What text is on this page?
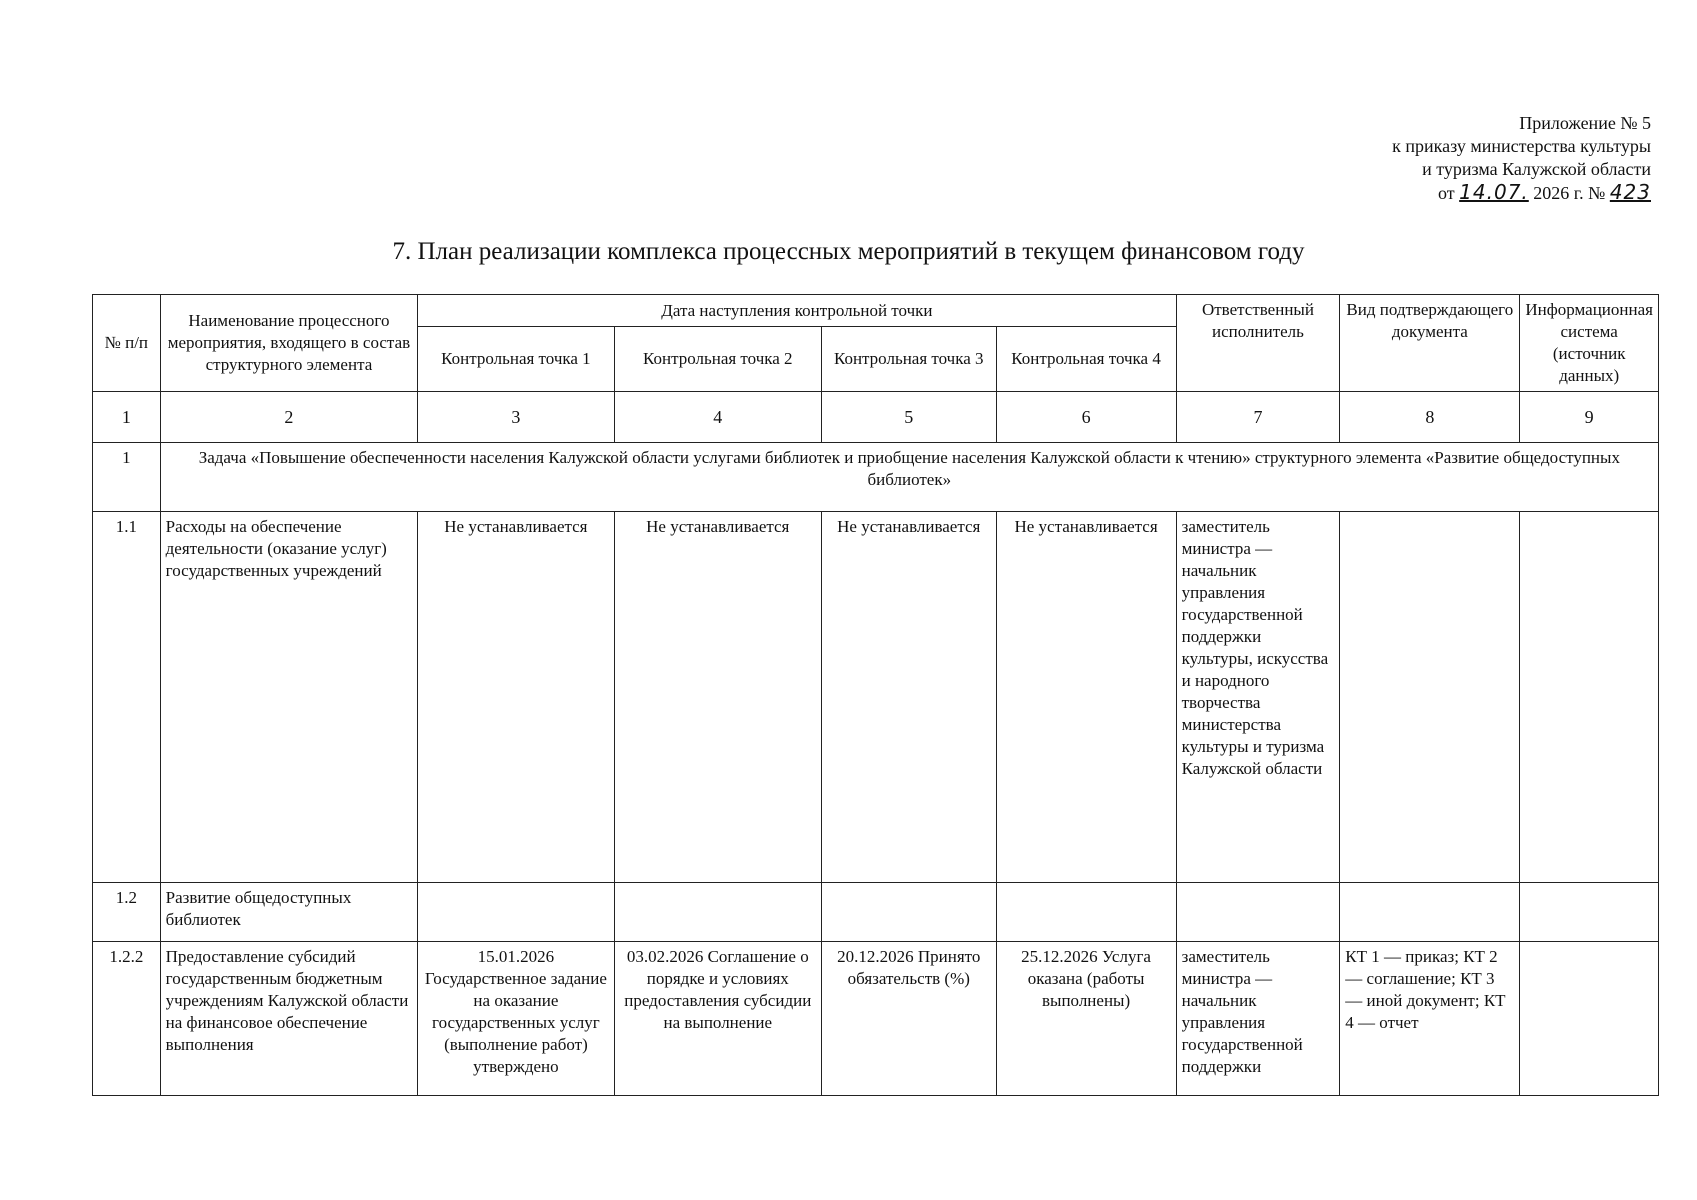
Приложение № 5
к приказу министерства культуры
и туризма Калужской области
от 14.07. 2026 г. № 423
7. План реализации комплекса процессных мероприятий в текущем финансовом году
№ п/п	Наименование процессного мероприятия, входящего в состав структурного элемента	Дата наступления контрольной точки				Ответственный исполнитель	Вид подтверждающего документа	Информационная система (источник данных)
		Контрольная точка 1	Контрольная точка 2	Контрольная точка 3	Контрольная точка 4			
1	2	3	4	5	6	7	8	9
1	Задача «Повышение обеспеченности населения Калужской области услугами библиотек и приобщение населения Калужской области к чтению» структурного элемента «Развитие общедоступных библиотек»							
1.1	Расходы на обеспечение деятельности (оказание услуг) государственных учреждений	Не устанавливается	Не устанавливается	Не устанавливается	Не устанавливается	заместитель министра — начальник управления государственной поддержки культуры, искусства и народного творчества министерства культуры и туризма Калужской области		
1.2	Развитие общедоступных библиотек							
1.2.2	Предоставление субсидий государственным бюджетным учреждениям Калужской области на финансовое обеспечение выполнения	15.01.2026 Государственное задание на оказание государственных услуг (выполнение работ) утверждено	03.02.2026 Соглашение о порядке и условиях предоставления субсидии на выполнение	20.12.2026 Принято обязательств (%)	25.12.2026 Услуга оказана (работы выполнены)	заместитель министра — начальник управления государственной поддержки	КТ 1 — приказ; КТ 2 — соглашение; КТ 3 — иной документ; КТ 4 — отчет	
